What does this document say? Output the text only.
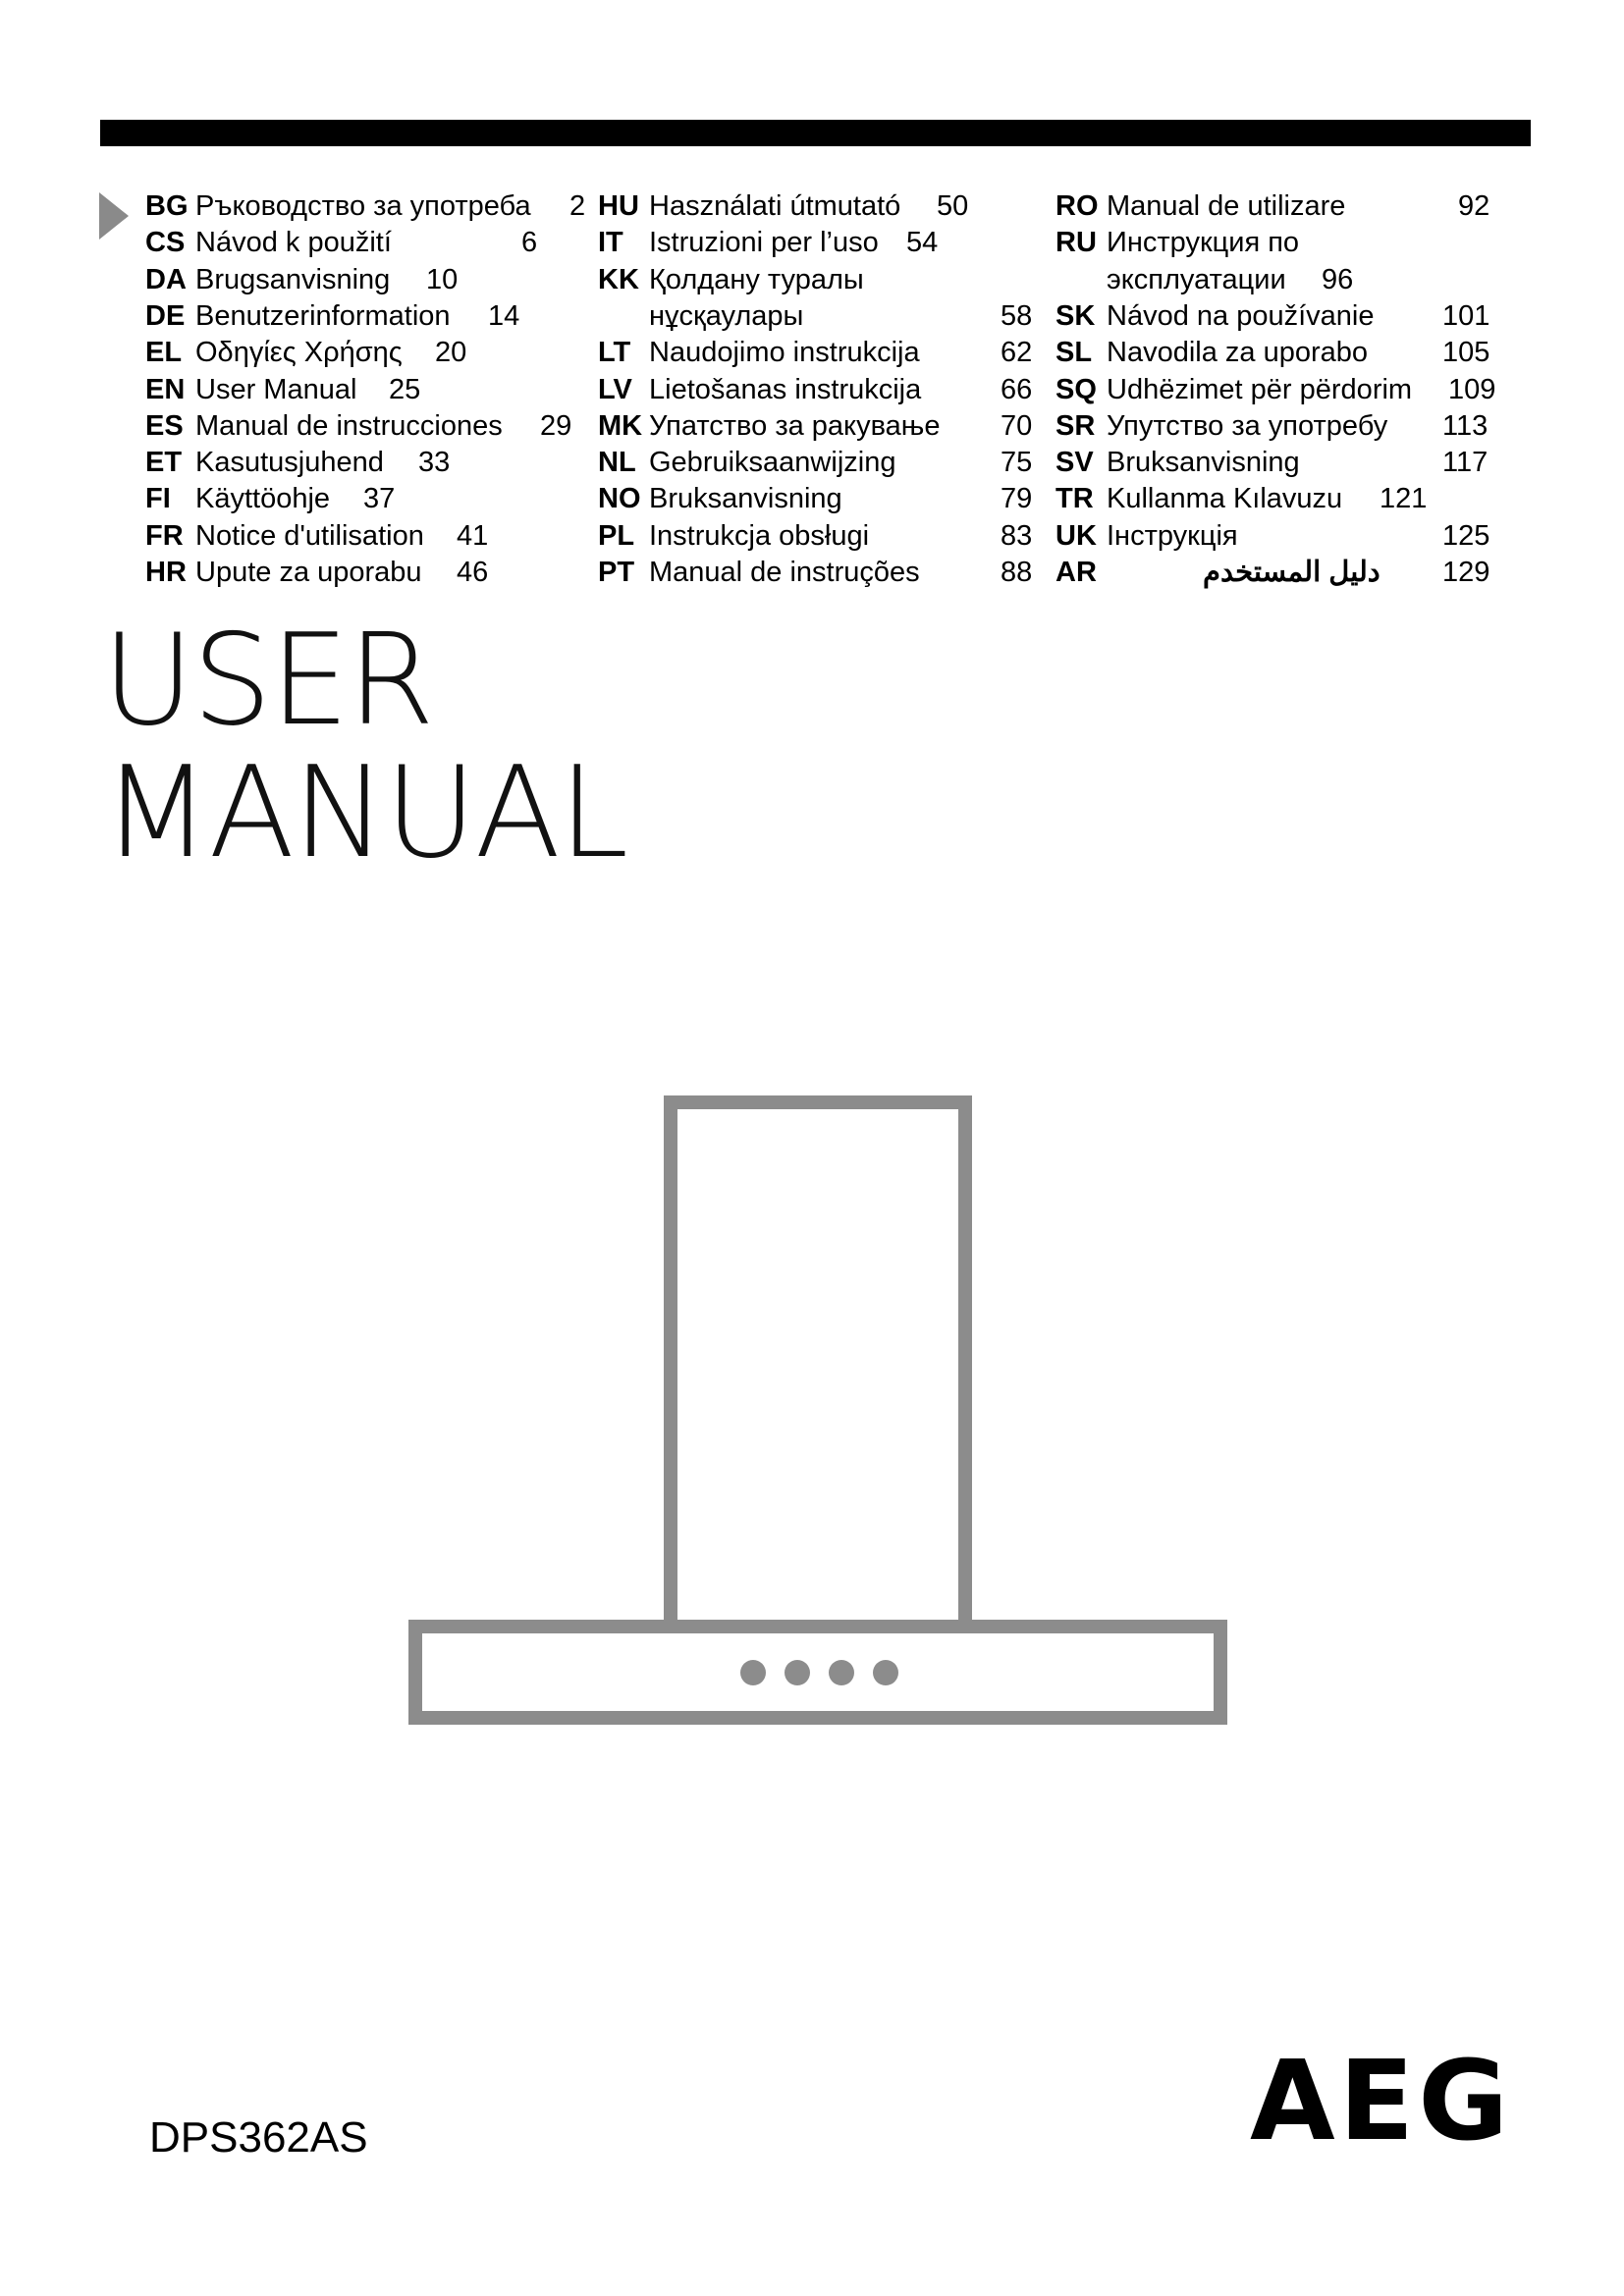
BG Ръководство за употреба 2
CS Návod k použití	6
DA Brugsanvisning 10
DE Benutzerinformation 14
EL Οδηγίες Χρήσης 20
EN User Manual 25
ES Manual de instrucciones 29
ET Kasutusjuhend 33
FI Käyttöohje 37
FR Notice d'utilisation 41
HR Upute za uporabu 46
HU Használati útmutató 50
IT Istruzioni per l’uso 54
KK Қолдану туралы
нұсқаулары	58
LT Naudojimo instrukcija	62
LV Lietošanas instrukcija	66
MK Упатство за ракување 70
NL Gebruiksaanwijzing	75
NO Bruksanvisning	79
PL Instrukcja obsługi	83
PT Manual de instruções	88
RO Manual de utilizare	92
RU Инструкция по
эксплуатации 96
SK Návod na používanie 101
SL Navodila za uporabo	105
SQ Udhëzimet për përdorim 109
SR Упутство за употребу 113
SV Bruksanvisning	117
TR Kullanma Kılavuzu 121
UK Інструкція	125
AR	دليل المستخدم 129
USER
MANUAL
DPS362AS	AEG
